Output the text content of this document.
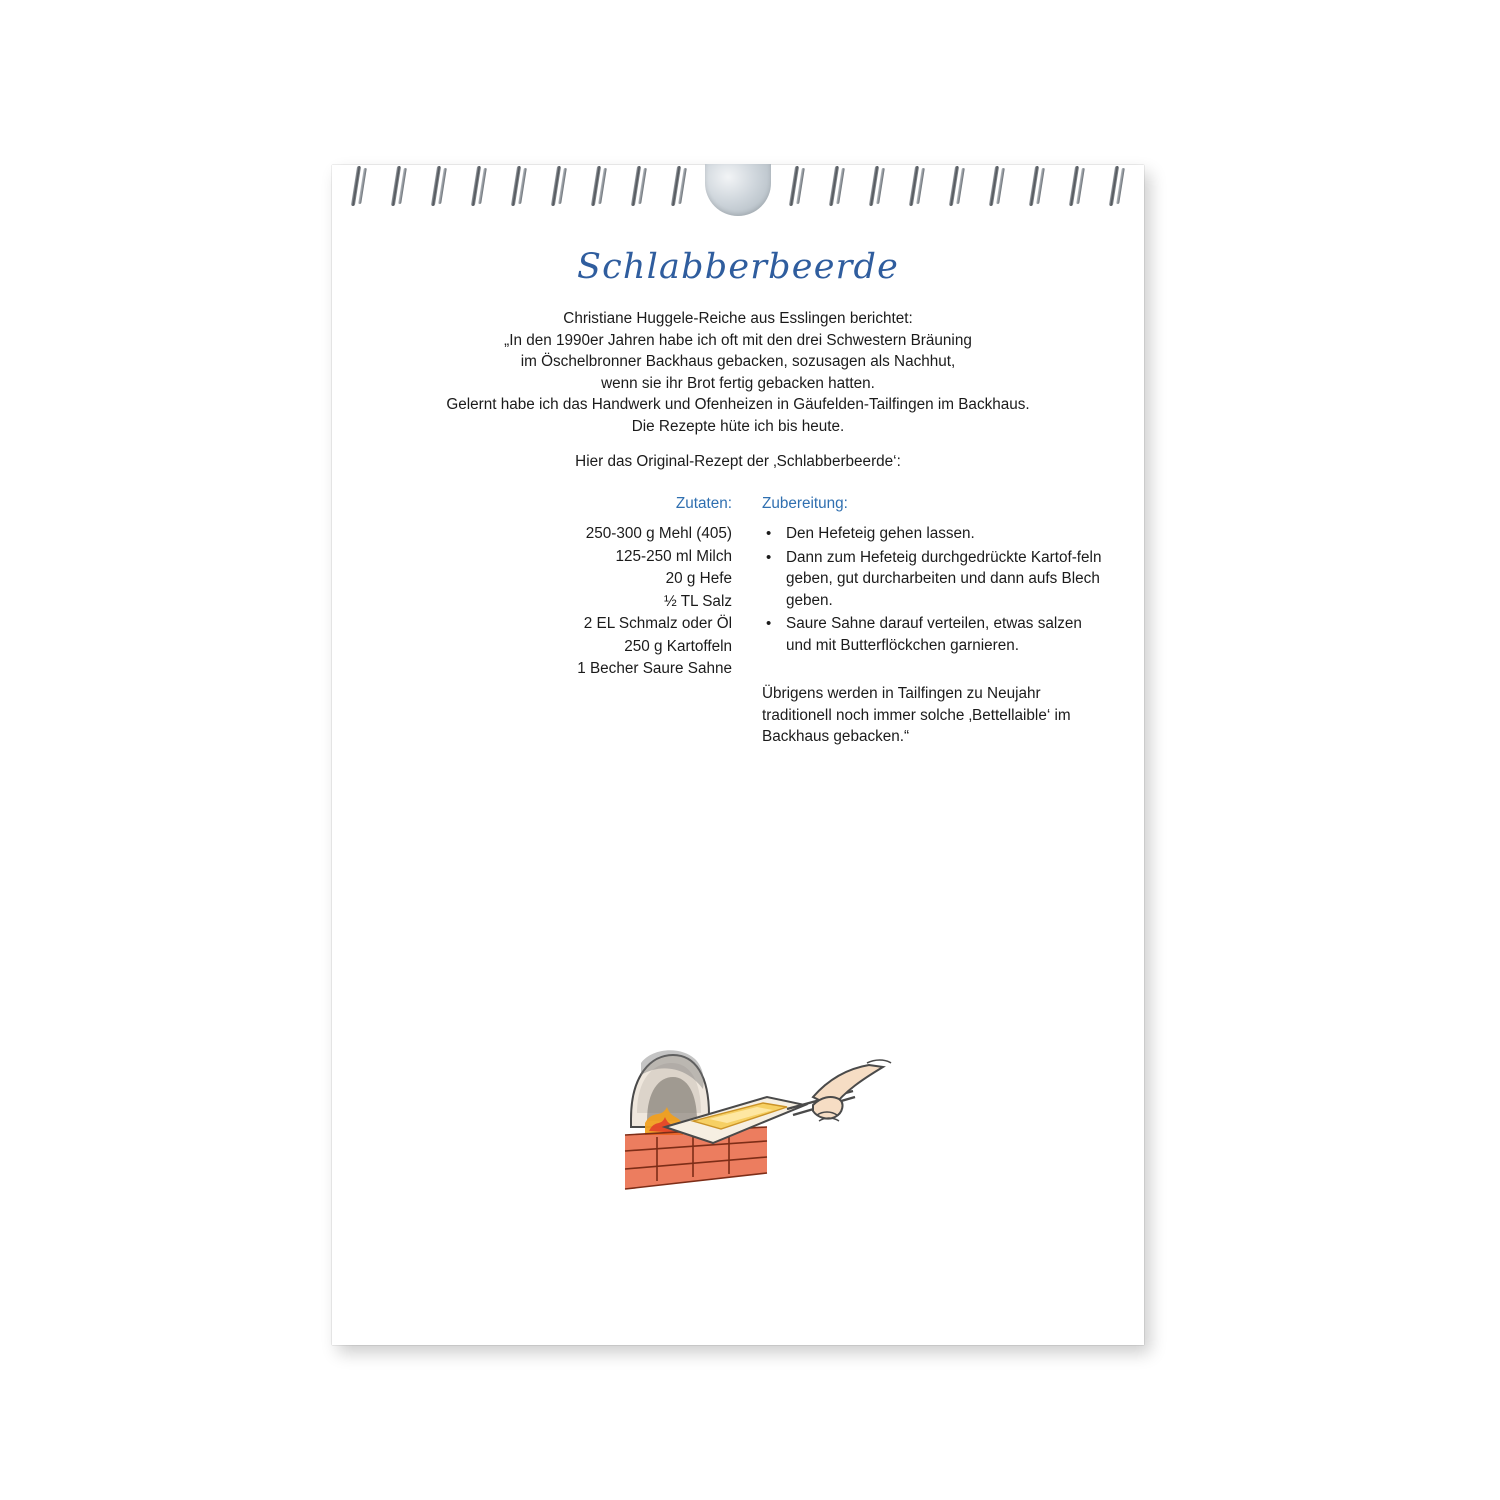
Schlabberbeerde
Christiane Huggele-Reiche aus Esslingen berichtet:
„In den 1990er Jahren habe ich oft mit den drei Schwestern Bräuning
im Öschelbronner Backhaus gebacken, sozusagen als Nachhut,
wenn sie ihr Brot fertig gebacken hatten.
Gelernt habe ich das Handwerk und Ofenheizen in Gäufelden-Tailfingen im Backhaus.
Die Rezepte hüte ich bis heute.
Hier das Original-Rezept der ‚Schlabberbeerde‘:
Zutaten:
250-300 g Mehl (405)
125-250 ml Milch
20 g Hefe
½ TL Salz
2 EL Schmalz oder Öl
250 g Kartoffeln
1 Becher Saure Sahne
Zubereitung:
• Den Hefeteig gehen lassen.
• Dann zum Hefeteig durchgedrückte Kartof-feln geben, gut durcharbeiten und dann aufs Blech geben.
• Saure Sahne darauf verteilen, etwas salzen und mit Butterflöckchen garnieren.
Übrigens werden in Tailfingen zu Neujahr traditionell noch immer solche ‚Bettellaible‘ im Backhaus gebacken.“
